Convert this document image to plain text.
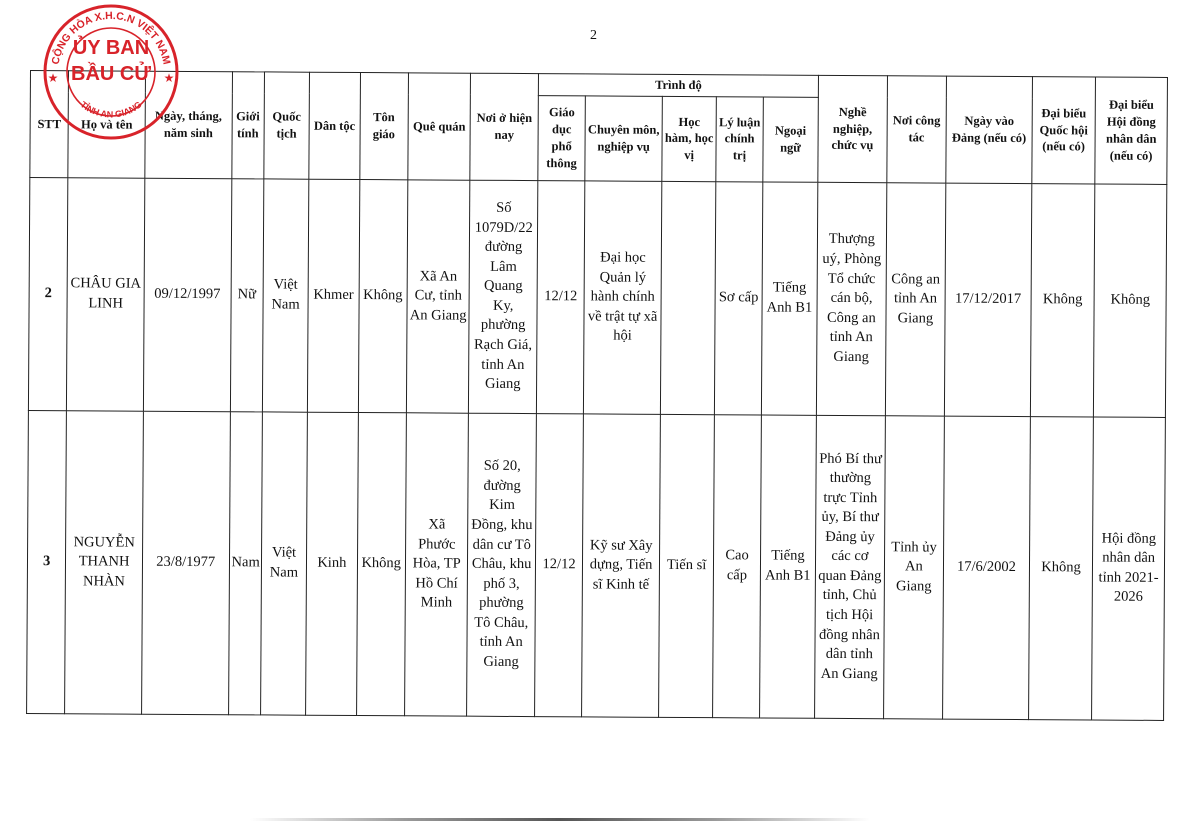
2
STT	Họ và tên	Ngày, tháng, năm sinh	Giới tính	Quốc tịch	Dân tộc	Tôn giáo	Quê quán	Nơi ở hiện nay	Trình độ					Nghề nghiệp, chức vụ	Nơi công tác	Ngày vào Đảng (nếu có)	Đại biểu Quốc hội (nếu có)	Đại biểu Hội đồng nhân dân (nếu có)
									Giáo dục phổ thông	Chuyên môn, nghiệp vụ	Học hàm, học vị	Lý luận chính trị	Ngoại ngữ					
2	CHÂU GIA LINH	09/12/1997	Nữ	Việt Nam	Khmer	Không	Xã An Cư, tỉnh An Giang	Số 1079D/22 đường Lâm Quang Ky, phường Rạch Giá, tỉnh An Giang	12/12	Đại học Quản lý hành chính về trật tự xã hội		Sơ cấp	Tiếng Anh B1	Thượng uý, Phòng Tổ chức cán bộ, Công an tỉnh An Giang	Công an tỉnh An Giang	17/12/2017	Không	Không
3	NGUYỄN THANH NHÀN	23/8/1977	Nam	Việt Nam	Kinh	Không	Xã Phước Hòa, TP Hồ Chí Minh	Số 20, đường Kim Đồng, khu dân cư Tô Châu, khu phố 3, phường Tô Châu, tỉnh An Giang	12/12	Kỹ sư Xây dựng, Tiến sĩ Kinh tế	Tiến sĩ	Cao cấp	Tiếng Anh B1	Phó Bí thư thường trực Tỉnh ủy, Bí thư Đảng ủy các cơ quan Đảng tỉnh, Chủ tịch Hội đồng nhân dân tỉnh An Giang	Tỉnh ủy An Giang	17/6/2002	Không	Hội đồng nhân dân tỉnh 2021-2026
CỘNG HÒA X.H.C.N VIỆT NAM
TỈNH AN GIANG
ỦY BAN
BẦU CỬ
★	★
